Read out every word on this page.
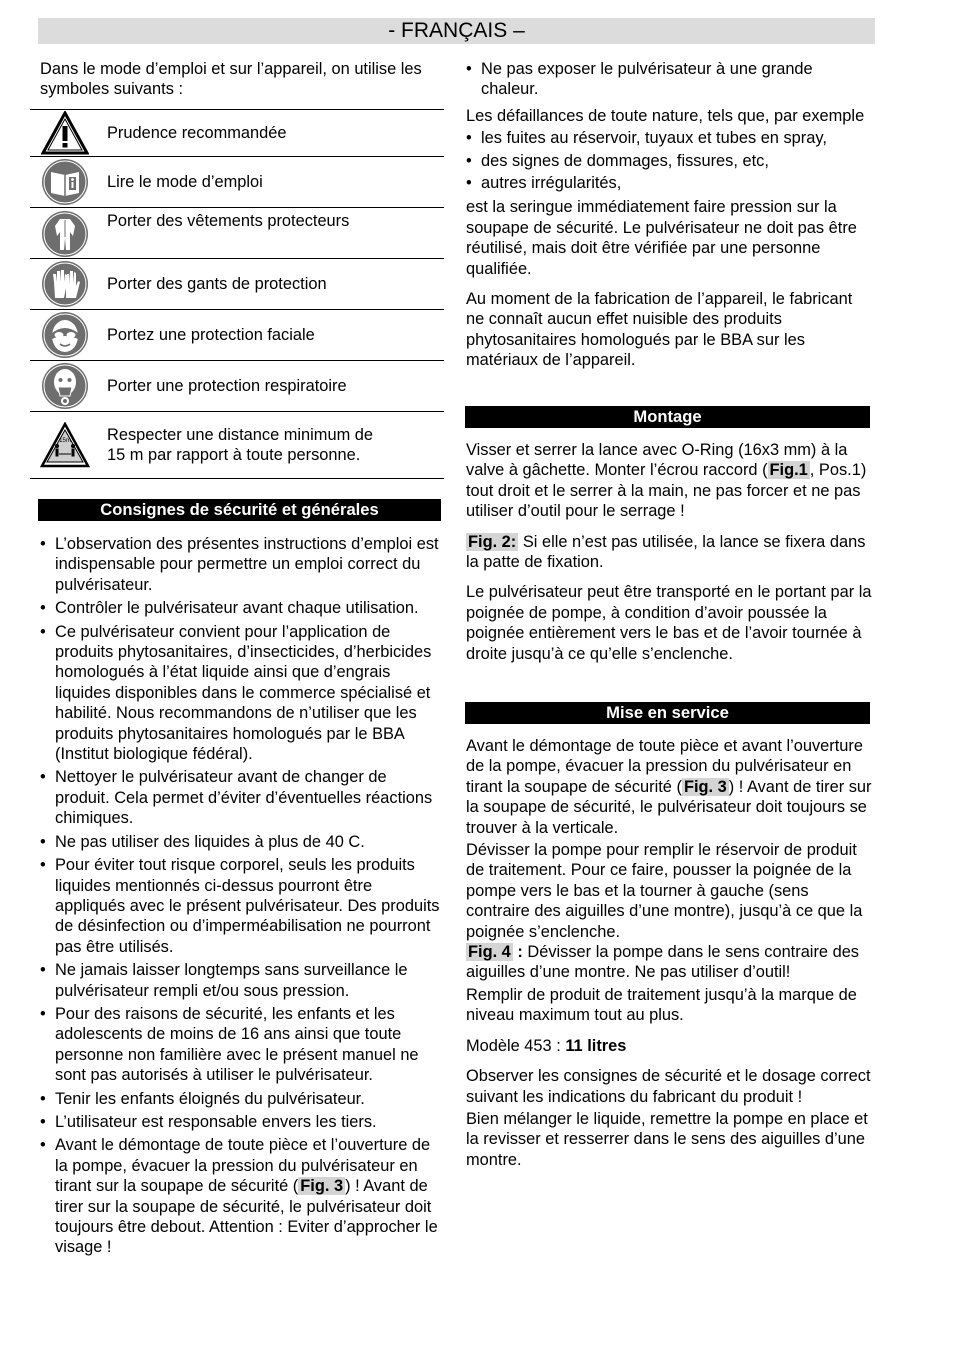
- FRANÇAIS –

Dans le mode d’emploi et sur l’appareil, on utilise les symboles suivants :

Prudence recommandée
Lire le mode d’emploi
Porter des vêtements protecteurs
Porter des gants de protection
Portez une protection faciale
Porter une protection respiratoire
15m	Respecter une distance minimum de 15 m par rapport à toute personne.
Consignes de sécurité et générales
• L’observation des présentes instructions d’emploi est indispensable pour permettre un emploi correct du pulvérisateur.
• Contrôler le pulvérisateur avant chaque utilisation.
• Ce pulvérisateur convient pour l’application de produits phytosanitaires, d’insecticides, d’herbicides homologués à l’état liquide ainsi que d’engrais liquides disponibles dans le commerce spécialisé et habilité. Nous recommandons de n’utiliser que les produits phytosanitaires homologués par le BBA (Institut biologique fédéral).
• Nettoyer le pulvérisateur avant de changer de produit. Cela permet d’éviter d’éventuelles réactions chimiques.
• Ne pas utiliser des liquides à plus de 40 C.
• Pour éviter tout risque corporel, seuls les produits liquides mentionnés ci-dessus pourront être appliqués avec le présent pulvérisateur. Des produits de désinfection ou d’imperméabilisation ne pourront pas être utilisés.
• Ne jamais laisser longtemps sans surveillance le pulvérisateur rempli et/ou sous pression.
• Pour des raisons de sécurité, les enfants et les adolescents de moins de 16 ans ainsi que toute personne non familière avec le présent manuel ne sont pas autorisés à utiliser le pulvérisateur.
• Tenir les enfants éloignés du pulvérisateur.
• L’utilisateur est responsable envers les tiers.
• Avant le démontage de toute pièce et l’ouverture de la pompe, évacuer la pression du pulvérisateur en tirant sur la soupape de sécurité ( Fig. 3 ) ! Avant de tirer sur la soupape de sécurité, le pulvérisateur doit toujours être debout. Attention : Eviter d’approcher le visage !
• Ne pas exposer le pulvérisateur à une grande chaleur.

Les défaillances de toute nature, tels que, par exemple

• les fuites au réservoir, tuyaux et tubes en spray,
• des signes de dommages, fissures, etc,
• autres irrégularités,

est la seringue immédiatement faire pression sur la soupape de sécurité. Le pulvérisateur ne doit pas être réutilisé, mais doit être vérifiée par une personne qualifiée.

Au moment de la fabrication de l’appareil, le fabricant ne connaît aucun effet nuisible des produits phytosanitaires homologués par le BBA sur les matériaux de l’appareil.

Montage

Visser et serrer la lance avec O-Ring (16x3 mm) à la valve à gâchette. Monter l’écrou raccord ( Fig.1 , Pos.1) tout droit et le serrer à la main, ne pas forcer et ne pas utiliser d’outil pour le serrage !

Fig. 2: Si elle n’est pas utilisée, la lance se fixera dans la patte de fixation.

Le pulvérisateur peut être transporté en le portant par la poignée de pompe, à condition d’avoir poussée la poignée entièrement vers le bas et de l’avoir tournée à droite jusqu’à ce qu’elle s’enclenche.

Mise en service

Avant le démontage de toute pièce et avant l’ouverture de la pompe, évacuer la pression du pulvérisateur en tirant la soupape de sécurité ( Fig. 3 ) ! Avant de tirer sur la soupape de sécurité, le pulvérisateur doit toujours se trouver à la verticale.

Dévisser la pompe pour remplir le réservoir de produit de traitement. Pour ce faire, pousser la poignée de la pompe vers le bas et la tourner à gauche (sens contraire des aiguilles d’une montre), jusqu’à ce que la poignée s’enclenche.

Fig. 4 : Dévisser la pompe dans le sens contraire des aiguilles d’une montre. Ne pas utiliser d’outil!

Remplir de produit de traitement jusqu’à la marque de niveau maximum tout au plus.

Modèle 453 : 11 litres

Observer les consignes de sécurité et le dosage correct suivant les indications du fabricant du produit !

Bien mélanger le liquide, remettre la pompe en place et la revisser et resserrer dans le sens des aiguilles d’une montre.
